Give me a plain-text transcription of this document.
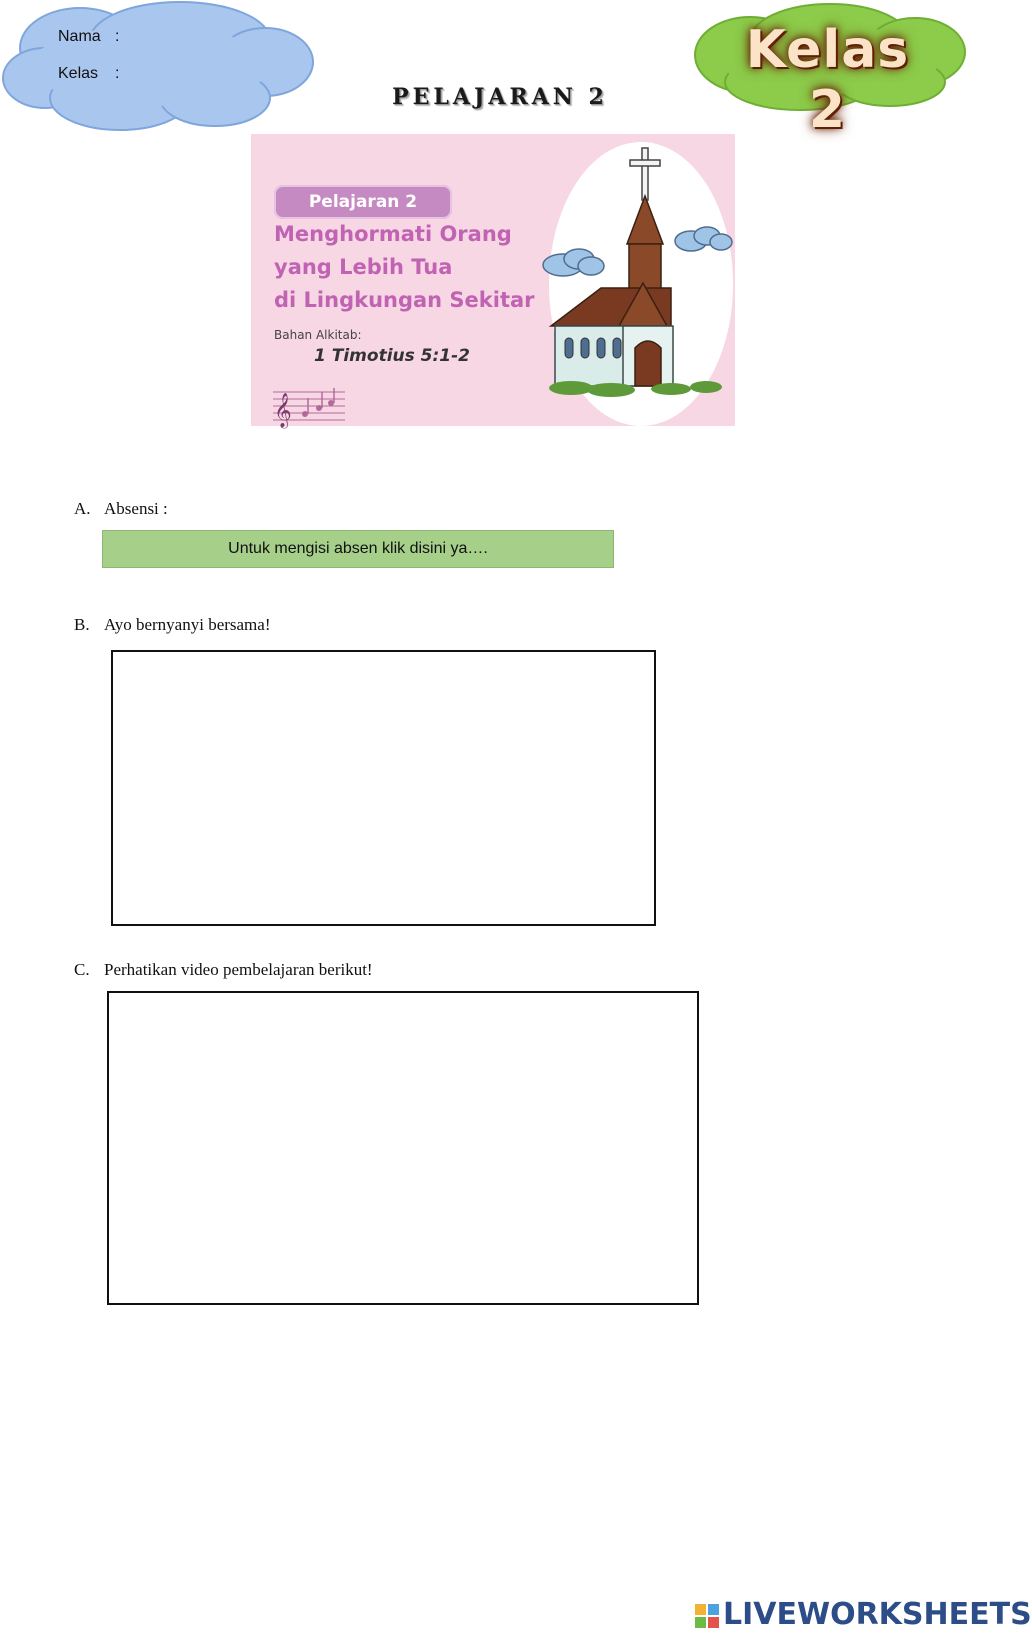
Nama :
Kelas :
PELAJARAN 2
Kelas 2
Pelajaran 2
Menghormati Orang
yang Lebih Tua
di Lingkungan Sekitar
Bahan Alkitab:
1 Timotius 5:1-2
𝄞
A. Absensi :
Untuk mengisi absen klik disini ya….
B. Ayo bernyanyi bersama!
C. Perhatikan video pembelajaran berikut!
LIVEWORKSHEETS
